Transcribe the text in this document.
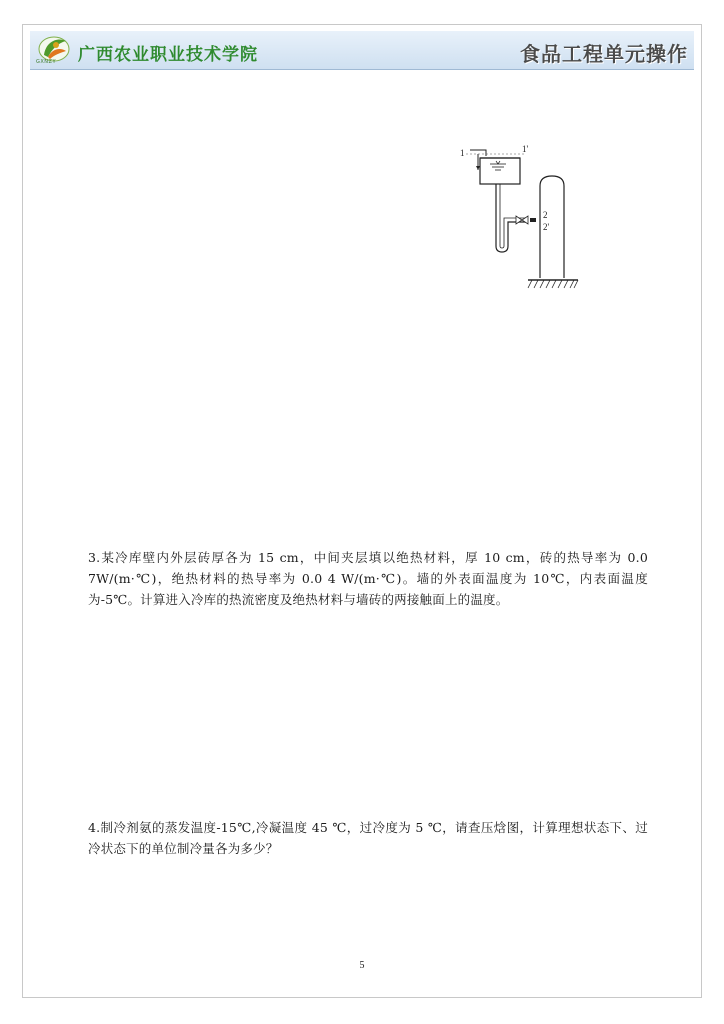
GXNZY 广西农业职业技术学院	食品工程单元操作
1	1'
2
2'
3.某冷库壁内外层砖厚各为 15 cm，中间夹层填以绝热材料，厚 10 cm，砖的热导率为 0.0 7W/(m·℃)，绝热材料的热导率为 0.0 4 W/(m·℃)。墙的外表面温度为 10℃，内表面温度为-5℃。计算进入冷库的热流密度及绝热材料与墙砖的两接触面上的温度。
4.制冷剂氨的蒸发温度-15℃,冷凝温度 45 ℃，过冷度为 5 ℃，请查压焓图，计算理想状态下、过冷状态下的单位制冷量各为多少？
5
